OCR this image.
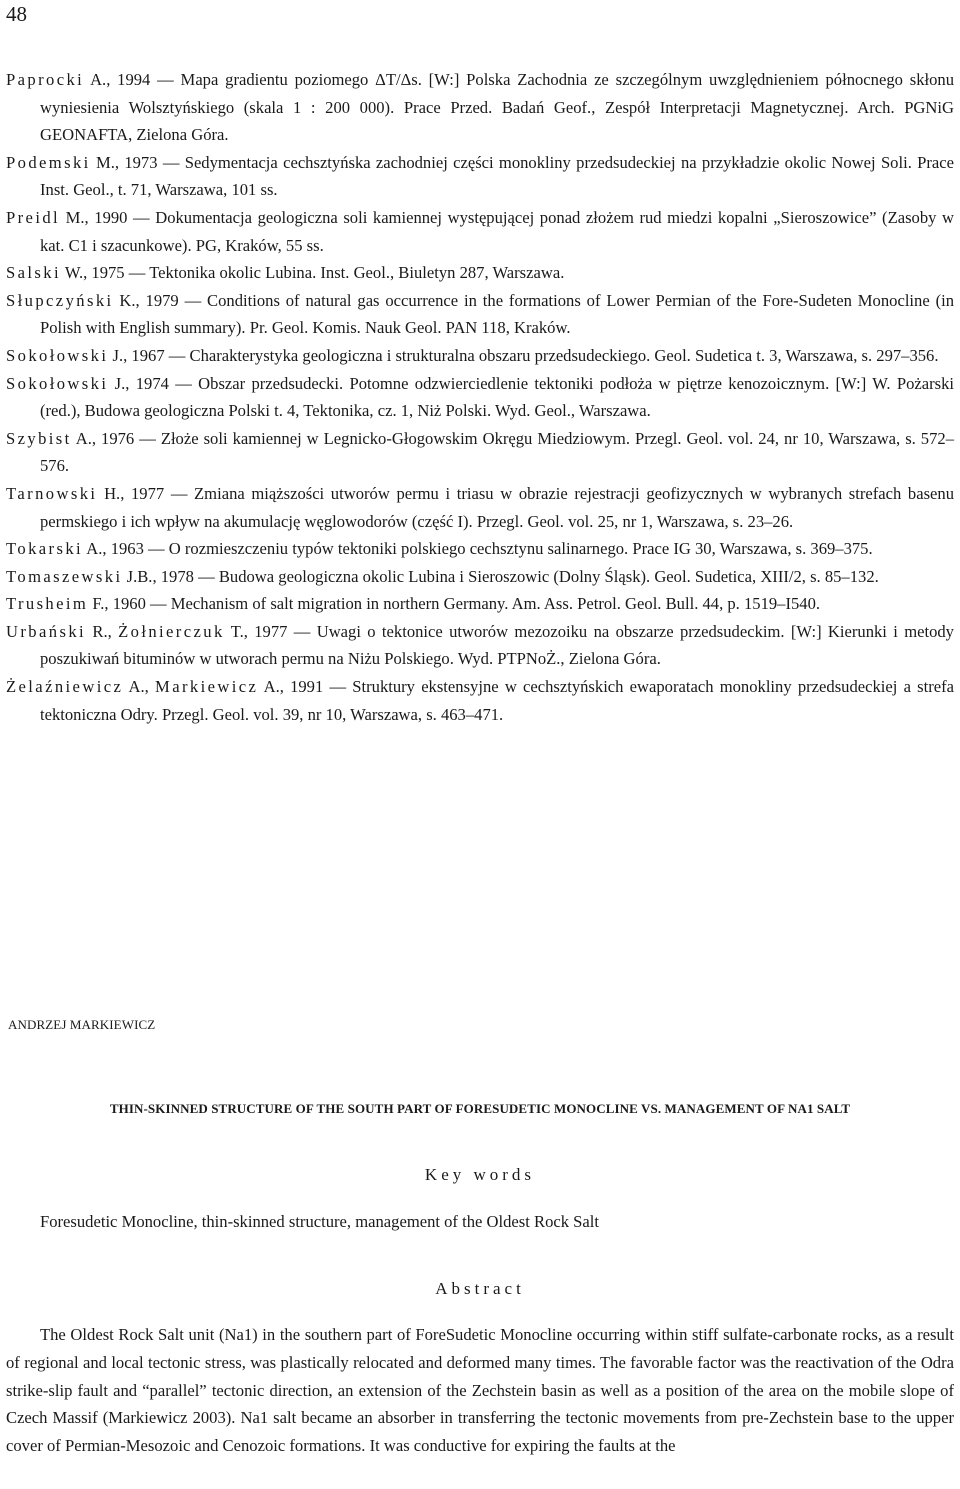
48

Paprocki A., 1994 — Mapa gradientu poziomego ΔT/Δs. [W:] Polska Zachodnia ze szczególnym uwzględnieniem północnego skłonu wyniesienia Wolsztyńskiego (skala 1 : 200 000). Prace Przed. Badań Geof., Zespół Interpretacji Magnetycznej. Arch. PGNiG GEONAFTA, Zielona Góra.

Podemski M., 1973 — Sedymentacja cechsztyńska zachodniej części monokliny przedsudeckiej na przykładzie okolic Nowej Soli. Prace Inst. Geol., t. 71, Warszawa, 101 ss.

Preidl M., 1990 — Dokumentacja geologiczna soli kamiennej występującej ponad złożem rud miedzi kopalni „Sieroszowice” (Zasoby w kat. C1 i szacunkowe). PG, Kraków, 55 ss.

Salski W., 1975 — Tektonika okolic Lubina. Inst. Geol., Biuletyn 287, Warszawa.

Słupczyński K., 1979 — Conditions of natural gas occurrence in the formations of Lower Permian of the Fore-Sudeten Monocline (in Polish with English summary). Pr. Geol. Komis. Nauk Geol. PAN 118, Kraków.

Sokołowski J., 1967 — Charakterystyka geologiczna i strukturalna obszaru przedsudeckiego. Geol. Sudetica t. 3, Warszawa, s. 297–356.

Sokołowski J., 1974 — Obszar przedsudecki. Potomne odzwierciedlenie tektoniki podłoża w piętrze kenozoicznym. [W:] W. Pożarski (red.), Budowa geologiczna Polski t. 4, Tektonika, cz. 1, Niż Polski. Wyd. Geol., Warszawa.

Szybist A., 1976 — Złoże soli kamiennej w Legnicko-Głogowskim Okręgu Miedziowym. Przegl. Geol. vol. 24, nr 10, Warszawa, s. 572–576.

Tarnowski H., 1977 — Zmiana miąższości utworów permu i triasu w obrazie rejestracji geofizycznych w wybranych strefach basenu permskiego i ich wpływ na akumulację węglowodorów (część I). Przegl. Geol. vol. 25, nr 1, Warszawa, s. 23–26.

Tokarski A., 1963 — O rozmieszczeniu typów tektoniki polskiego cechsztynu salinarnego. Prace IG 30, Warszawa, s. 369–375.

Tomaszewski J.B., 1978 — Budowa geologiczna okolic Lubina i Sieroszowic (Dolny Śląsk). Geol. Sudetica, XIII/2, s. 85–132.

Trusheim F., 1960 — Mechanism of salt migration in northern Germany. Am. Ass. Petrol. Geol. Bull. 44, p. 1519–I540.

Urbański R., Żołnierczuk T., 1977 — Uwagi o tektonice utworów mezozoiku na obszarze przedsudeckim. [W:] Kierunki i metody poszukiwań bituminów w utworach permu na Niżu Polskiego. Wyd. PTPNoŻ., Zielona Góra.

Żelaźniewicz A., Markiewicz A., 1991 — Struktury ekstensyjne w cechsztyńskich ewaporatach monokliny przedsudeckiej a strefa tektoniczna Odry. Przegl. Geol. vol. 39, nr 10, Warszawa, s. 463–471.

ANDRZEJ MARKIEWICZ
THIN-SKINNED STRUCTURE OF THE SOUTH PART OF FORESUDETIC MONOCLINE VS. MANAGEMENT OF NA1 SALT
Key words
Foresudetic Monocline, thin-skinned structure, management of the Oldest Rock Salt
Abstract

The Oldest Rock Salt unit (Na1) in the southern part of ForeSudetic Monocline occurring within stiff sulfate-carbonate rocks, as a result of regional and local tectonic stress, was plastically relocated and deformed many times. The favorable factor was the reactivation of the Odra strike-slip fault and “parallel” tectonic direction, an extension of the Zechstein basin as well as a position of the area on the mobile slope of Czech Massif (Markiewicz 2003). Na1 salt became an absorber in transferring the tectonic movements from pre-Zechstein base to the upper cover of Permian-Mesozoic and Cenozoic formations. It was conductive for expiring the faults at the
